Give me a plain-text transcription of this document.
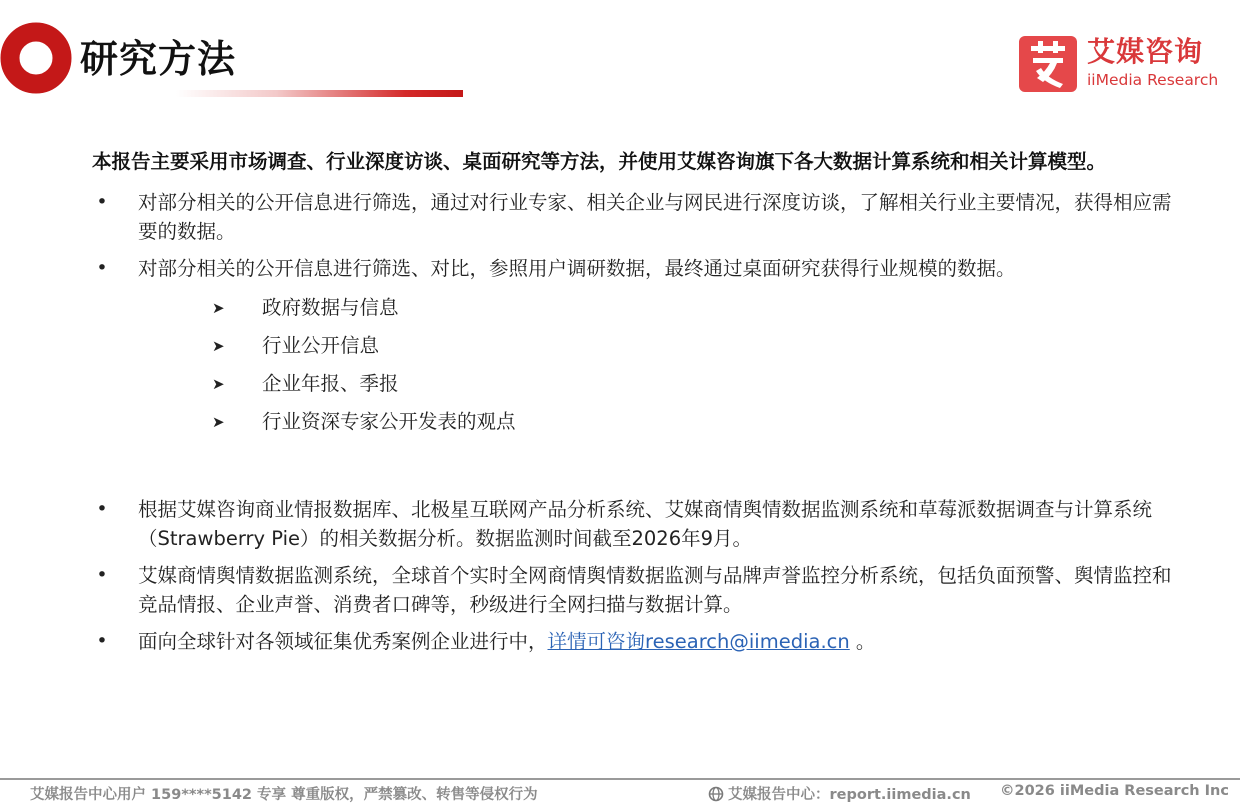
研究方法	艾媒咨询
iiMedia Research

本报告主要采用市场调查、行业深度访谈、桌面研究等方法，并使用艾媒咨询旗下各大数据计算系统和相关计算模型。

• 对部分相关的公开信息进行筛选，通过对行业专家、相关企业与网民进行深度访谈，了解相关行业主要情况，获得相应需要的数据。
• 对部分相关的公开信息进行筛选、对比，参照用户调研数据，最终通过桌面研究获得行业规模的数据。
➤ 政府数据与信息
➤ 行业公开信息
➤ 企业年报、季报
➤ 行业资深专家公开发表的观点
• 根据艾媒咨询商业情报数据库、北极星互联网产品分析系统、艾媒商情舆情数据监测系统和草莓派数据调查与计算系统（Strawberry Pie）的相关数据分析。数据监测时间截至2026年9月。
• 艾媒商情舆情数据监测系统，全球首个实时全网商情舆情数据监测与品牌声誉监控分析系统，包括负面预警、舆情监控和竞品情报、企业声誉、消费者口碑等，秒级进行全网扫描与数据计算。
• 面向全球针对各领域征集优秀案例企业进行中，详情可咨询research@iimedia.cn 。
艾媒报告中心用户 159****5142 专享 尊重版权，严禁篡改、转售等侵权行为	艾媒报告中心：report.iimedia.cn ©2026 iiMedia Research Inc
